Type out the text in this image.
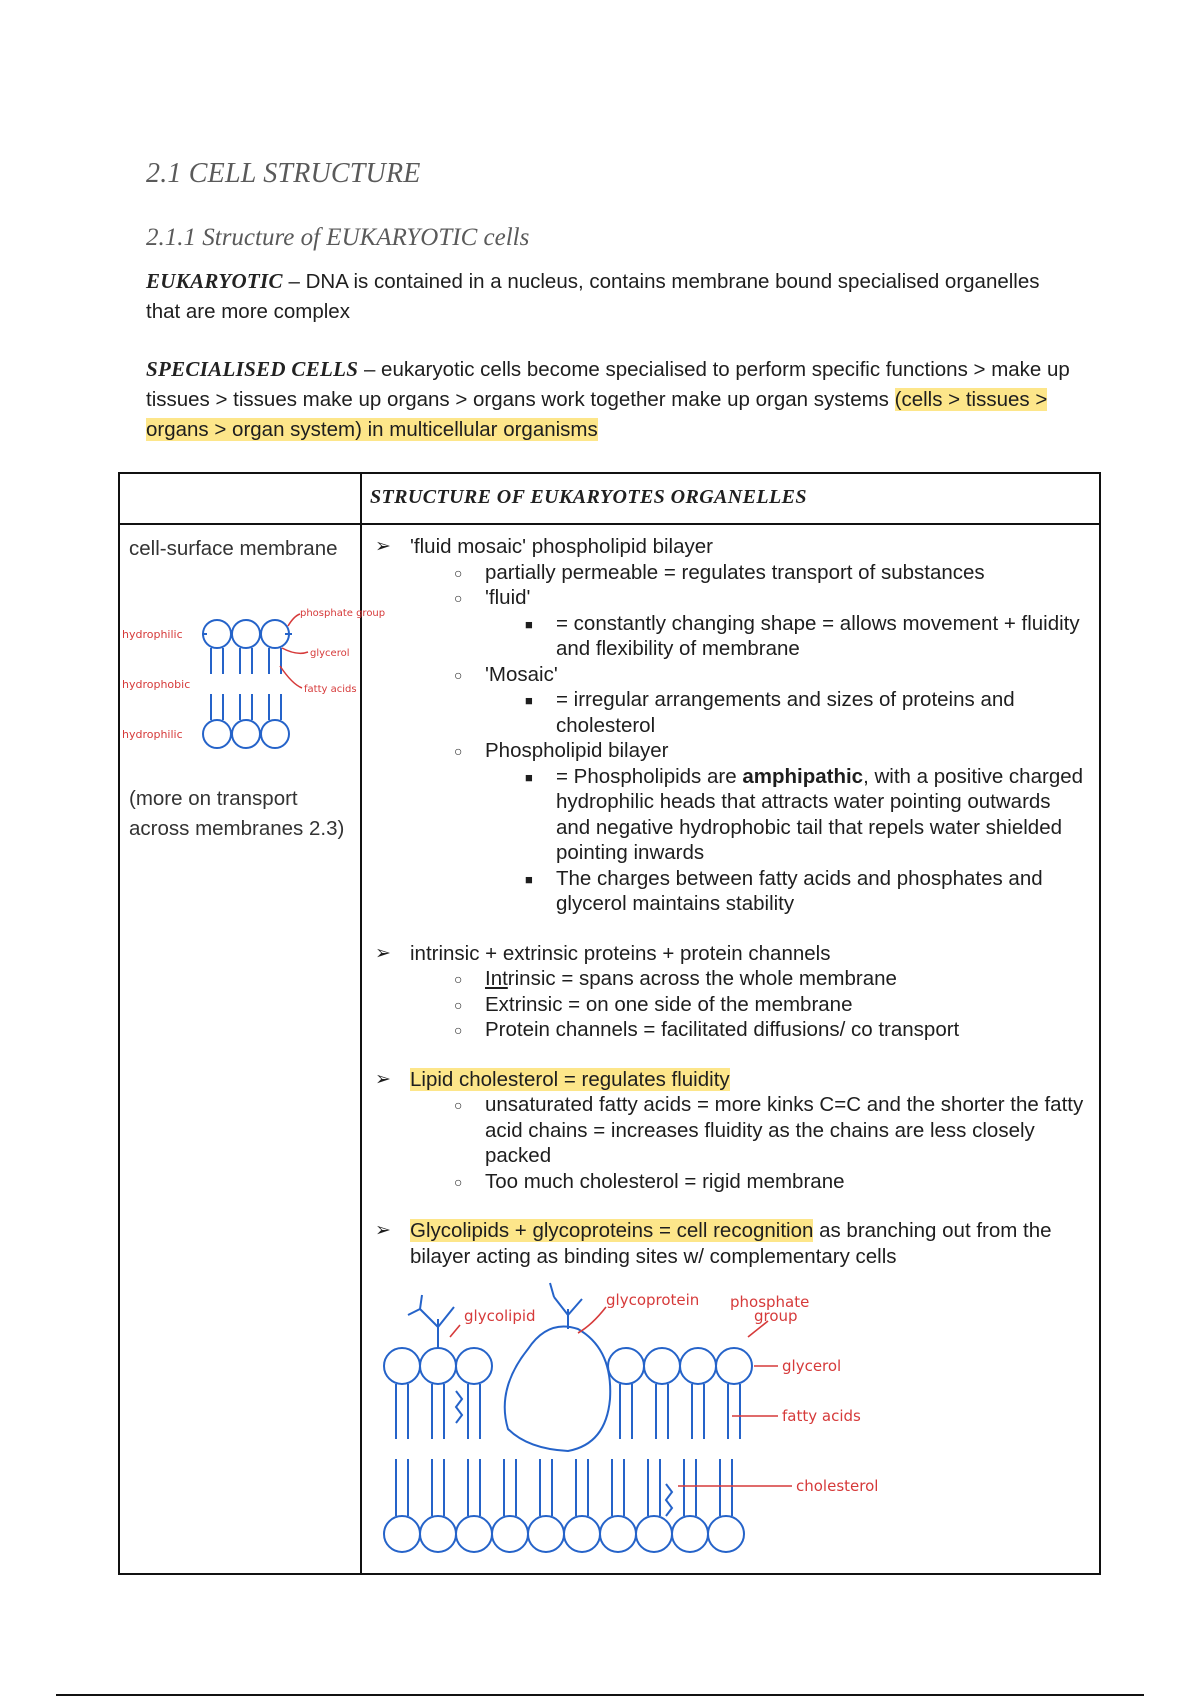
2.1 CELL STRUCTURE
2.1.1 Structure of EUKARYOTIC cells
EUKARYOTIC – DNA is contained in a nucleus, contains membrane bound specialised organelles that are more complex
SPECIALISED CELLS – eukaryotic cells become specialised to perform specific functions > make up tissues > tissues make up organs > organs work together make up organ systems (cells > tissues > organs > organ system) in multicellular organisms
STRUCTURE OF EUKARYOTES ORGANELLES
cell-surface membrane
hydrophilic
hydrophobic
hydrophilic
phosphate group
glycerol
fatty acids
(more on transport across membranes 2.3)
➢ 'fluid mosaic' phospholipid bilayer
○ partially permeable = regulates transport of substances
○ 'fluid'
■ = constantly changing shape = allows movement + fluidity and flexibility of membrane
○ 'Mosaic'
■ = irregular arrangements and sizes of proteins and cholesterol
○ Phospholipid bilayer
■ = Phospholipids are amphipathic, with a positive charged hydrophilic heads that attracts water pointing outwards and negative hydrophobic tail that repels water shielded pointing inwards
■ The charges between fatty acids and phosphates and glycerol maintains stability
➢ intrinsic + extrinsic proteins + protein channels
○ Intrinsic = spans across the whole membrane
○ Extrinsic = on one side of the membrane
○ Protein channels = facilitated diffusions/ co transport
➢ Lipid cholesterol = regulates fluidity
○ unsaturated fatty acids = more kinks C=C and the shorter the fatty acid chains = increases fluidity as the chains are less closely packed
○ Too much cholesterol = rigid membrane
➢ Glycolipids + glycoproteins = cell recognition as branching out from the bilayer acting as binding sites w/ complementary cells
glycolipid
glycoprotein phosphate
group
glycerol
fatty acids
cholesterol
